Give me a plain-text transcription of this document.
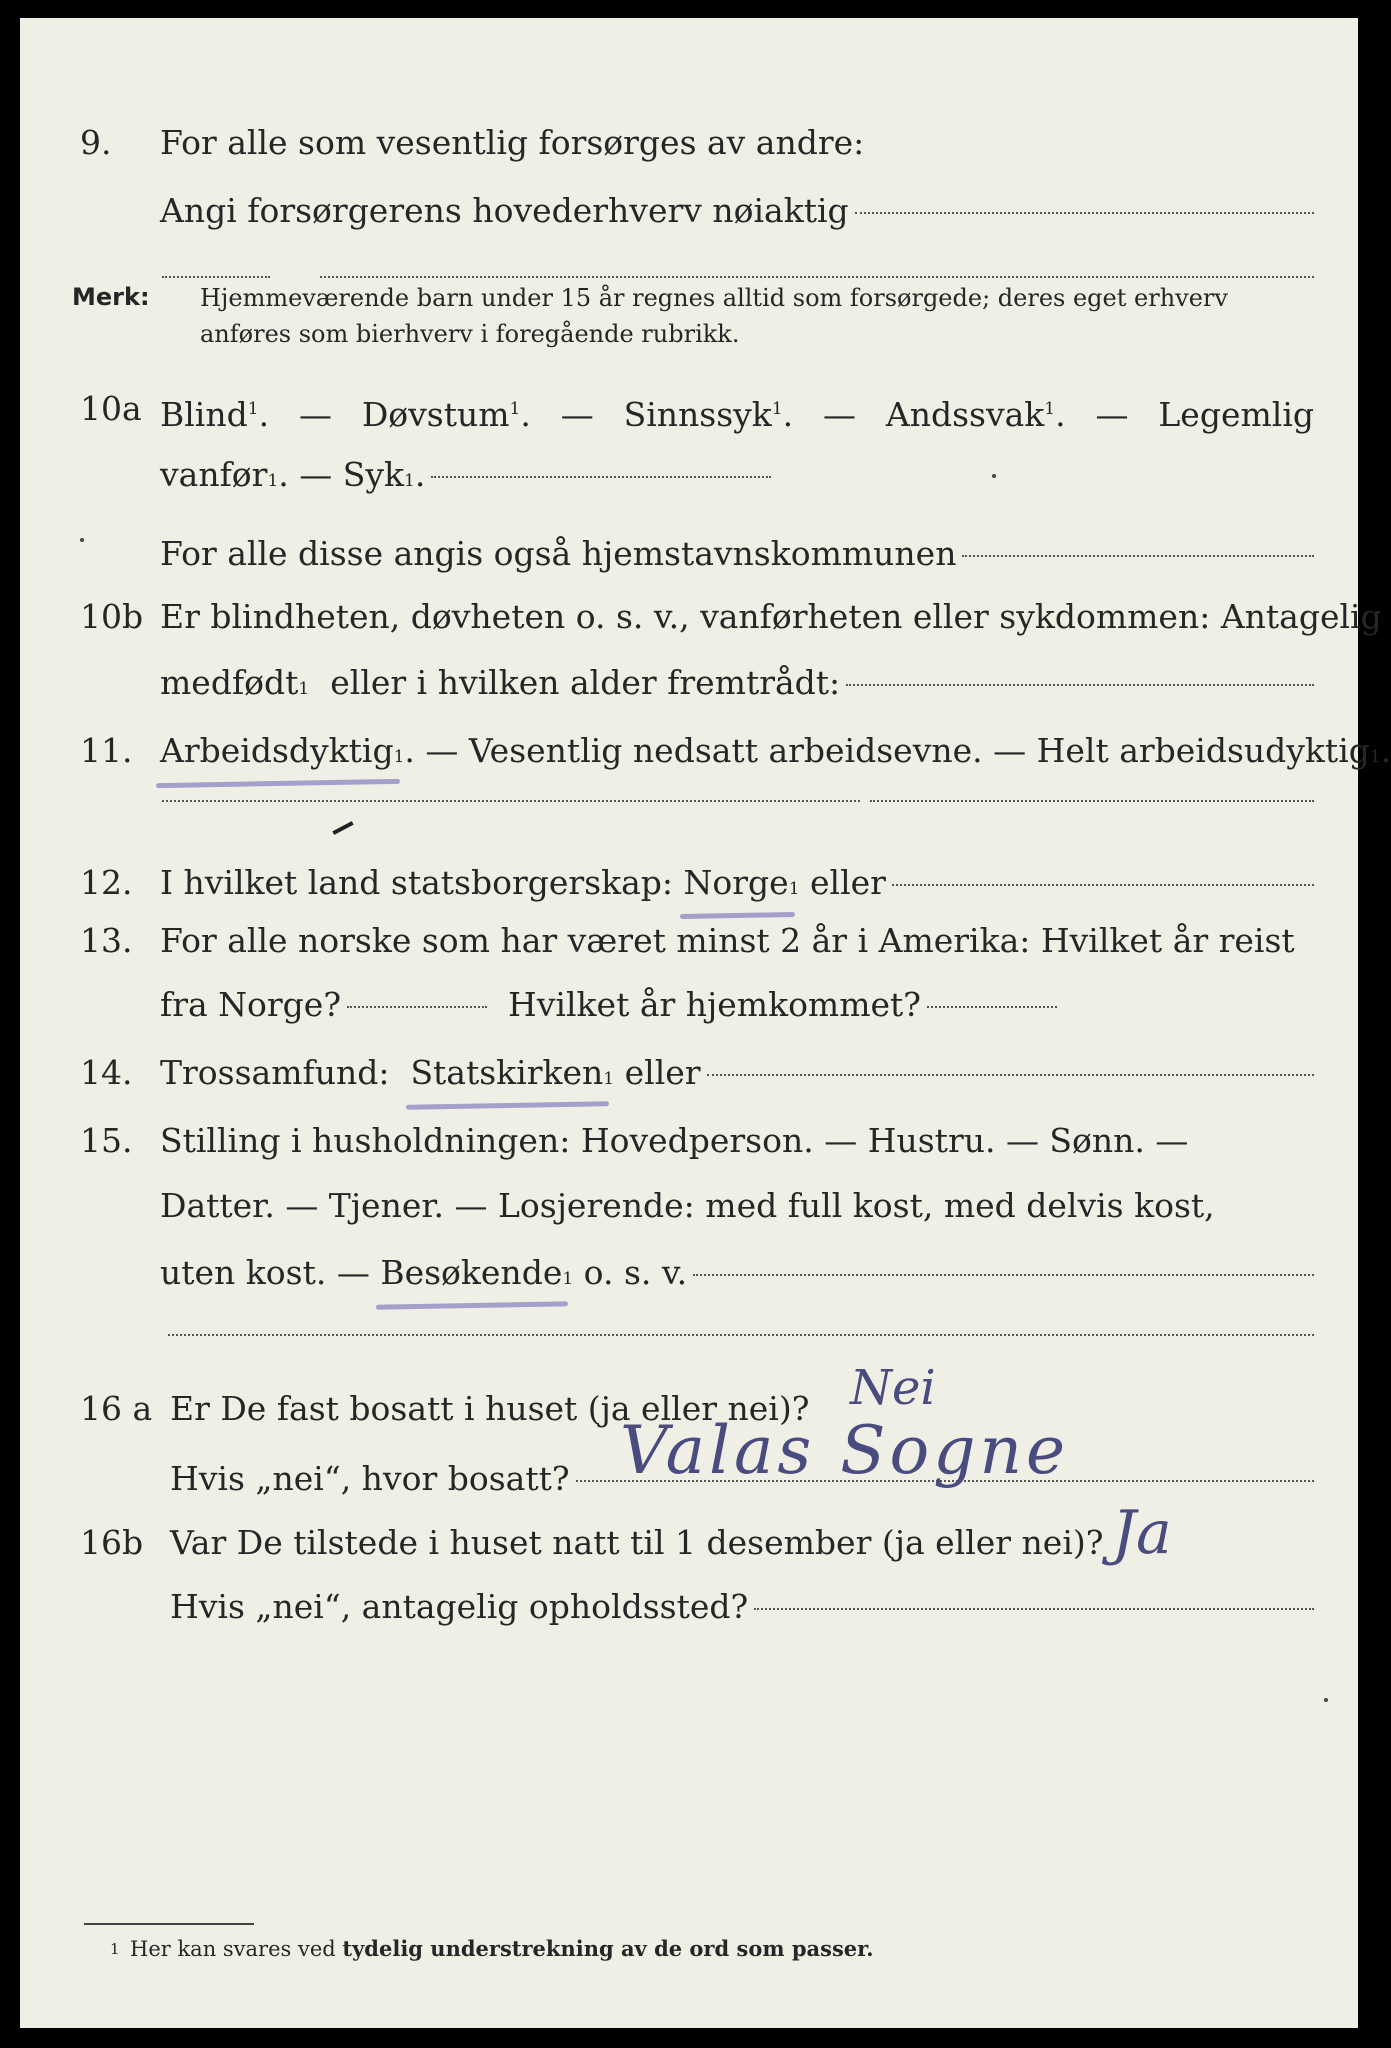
9. For alle som vesentlig forsørges av andre:
Angi forsørgerens hovederhverv nøiaktig
Merk: Hjemmeværende barn under 15 år regnes alltid som forsørgede; deres eget erhverv
anføres som bierhverv i foregående rubrikk.
10a Blind$^1$. — Døvstum$^1$. — Sinnssyk$^1$. — Andssvak$^1$. — Legemlig
vanfør 1 . —
Syk 1 .
For alle disse angis også hjemstavnskommunen
10b Er blindheten, døvheten o. s. v., vanførheten eller sykdommen: Antagelig
medfødt 1
eller i hvilken alder fremtrådt:
11. Arbeidsdyktig 1 . — Vesentlig nedsatt arbeidsevne. — Helt arbeidsudyktig 1 .
12. I hvilket land statsborgerskap:
Norge 1
eller
13. For alle norske som har været minst 2 år i Amerika: Hvilket år reist
fra Norge?
	Hvilket år hjemkommet?
14. Trossamfund:
Statskirken 1
eller
15. Stilling i husholdningen: Hovedperson. — Hustru. — Sønn. —
Datter. — Tjener. — Losjerende: med full kost, med delvis kost,
uten kost. —
Besøkende 1
o. s. v.
16 a Er De fast bosatt i huset (ja eller nei)? Nei
Hvis „nei“, hvor bosatt? Valas Sogne
16b Var De tilstede i huset natt til 1 desember (ja eller nei)? Ja
Hvis „nei“, antagelig opholdssted?
1 Her kan svares ved tydelig understrekning av de ord som passer.
